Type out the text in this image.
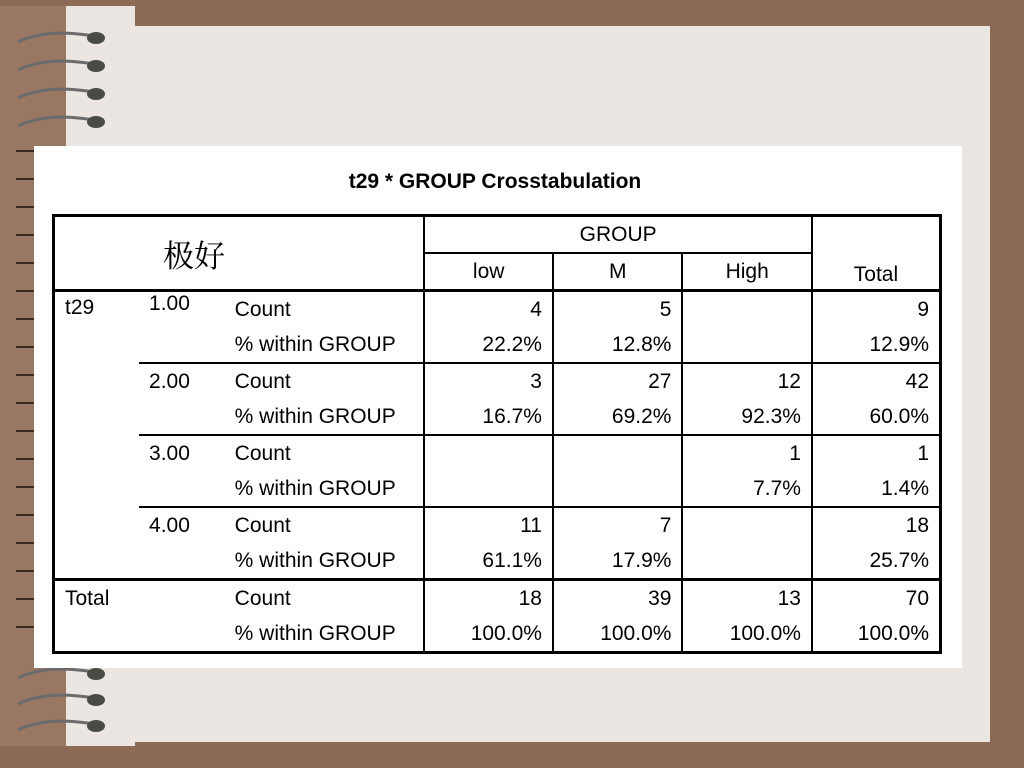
t29 * GROUP Crosstabulation
极好			GROUP			Total
			low	M	High	
t29	1.00	Count	4	5		9
		% within GROUP	22.2%	12.8%		12.9%
	2.00	Count	3	27	12	42
		% within GROUP	16.7%	69.2%	92.3%	60.0%
	3.00	Count			1	1
		% within GROUP			7.7%	1.4%
	4.00	Count	11	7		18
		% within GROUP	61.1%	17.9%		25.7%
Total		Count	18	39	13	70
		% within GROUP	100.0%	100.0%	100.0%	100.0%
